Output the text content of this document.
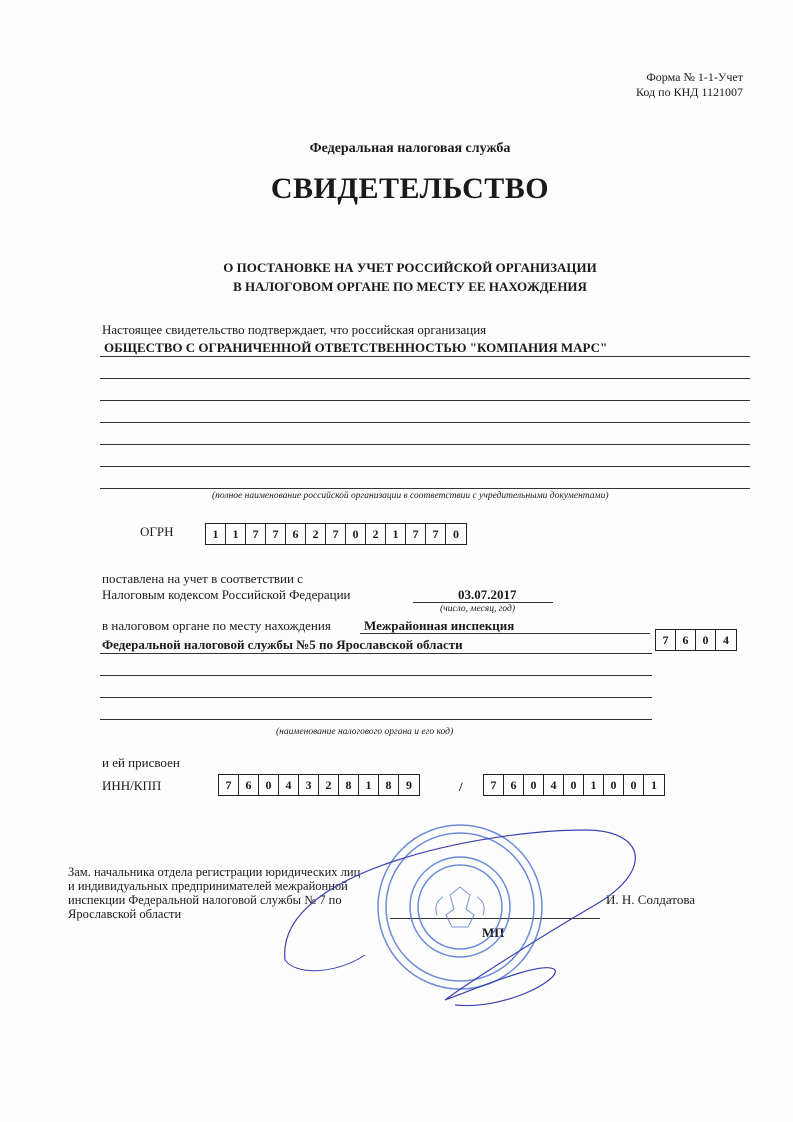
Форма № 1-1-Учет
Код по КНД 1121007
Федеральная налоговая служба
СВИДЕТЕЛЬСТВО
О ПОСТАНОВКЕ НА УЧЕТ РОССИЙСКОЙ ОРГАНИЗАЦИИ
В НАЛОГОВОМ ОРГАНЕ ПО МЕСТУ ЕЕ НАХОЖДЕНИЯ
Настоящее свидетельство подтверждает, что российская организация
ОБЩЕСТВО С ОГРАНИЧЕННОЙ ОТВЕТСТВЕННОСТЬЮ "КОМПАНИЯ МАРС"
(полное наименование российской организации в соответствии с учредительными документами)
ОГРН	1	1	7	7	6	2	7	0	2	1	7	7	0
поставлена на учет в соответствии с
Налоговым кодексом Российской Федерации	03.07.2017
(число, месяц, год)
в налоговом органе по месту нахождения	Межрайонная инспекция
Федеральной налоговой службы №5 по Ярославской области	7	6	0	4
(наименование налогового органа и его код)
и ей присвоен
ИНН/КПП	7	6	0	4	3	2	8	1	8	9	/	7	6	0	4	0	1	0	0	1
Зам. начальника отдела регистрации юридических лиц и индивидуальных предпринимателей межрайонной инспекции Федеральной налоговой службы № 7 по Ярославской области
И. Н. Солдатова
МП
